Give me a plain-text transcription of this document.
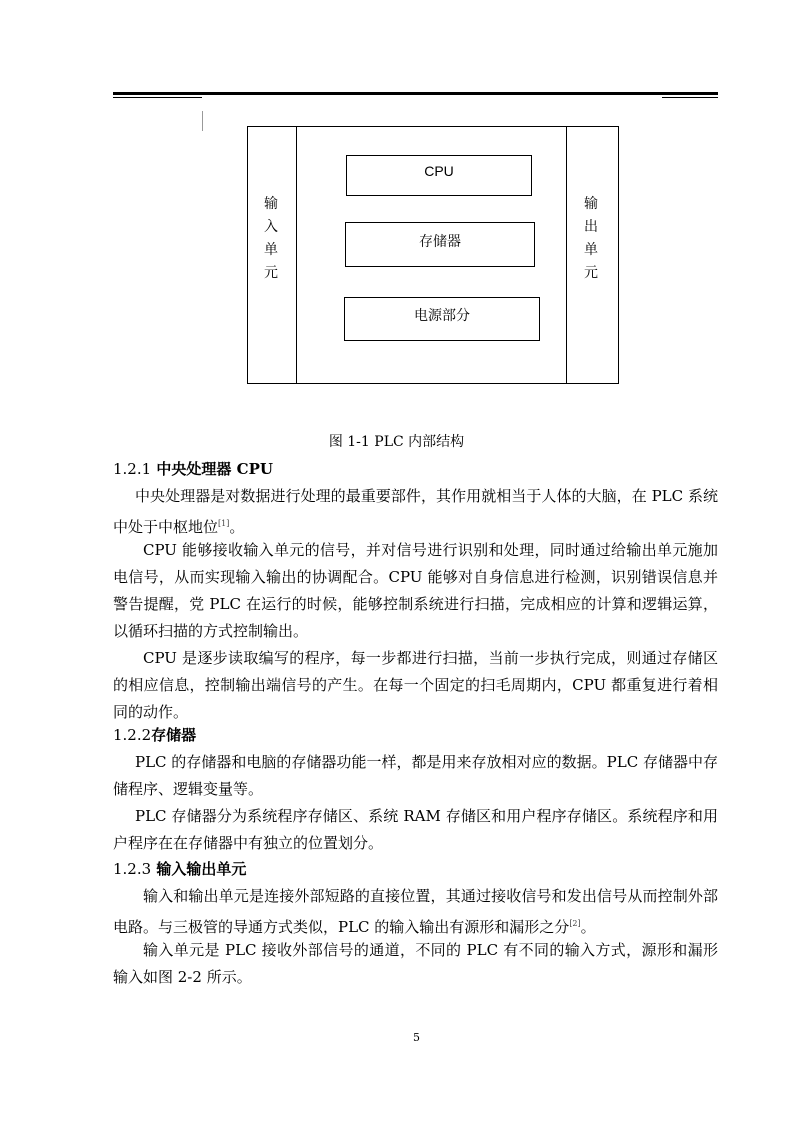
输入单元
输出单元
CPU
存储器
电源部分
图 1-1 PLC 内部结构
1.2.1 中央处理器 CPU
中央处理器是对数据进行处理的最重要部件，其作用就相当于人体的大脑，在 PLC 系统中处于中枢地位[1]。
CPU 能够接收输入单元的信号，并对信号进行识别和处理，同时通过给输出单元施加电信号，从而实现输入输出的协调配合。CPU 能够对自身信息进行检测，识别错误信息并警告提醒，党 PLC 在运行的时候，能够控制系统进行扫描，完成相应的计算和逻辑运算，以循环扫描的方式控制输出。
CPU 是逐步读取编写的程序，每一步都进行扫描，当前一步执行完成，则通过存储区的相应信息，控制输出端信号的产生。在每一个固定的扫毛周期内，CPU 都重复进行着相同的动作。
1.2.2存储器
PLC 的存储器和电脑的存储器功能一样，都是用来存放相对应的数据。PLC 存储器中存储程序、逻辑变量等。
PLC 存储器分为系统程序存储区、系统 RAM 存储区和用户程序存储区。系统程序和用户程序在在存储器中有独立的位置划分。
1.2.3 输入输出单元
输入和输出单元是连接外部短路的直接位置，其通过接收信号和发出信号从而控制外部电路。与三极管的导通方式类似，PLC 的输入输出有源形和漏形之分[2]。
输入单元是 PLC 接收外部信号的通道，不同的 PLC 有不同的输入方式，源形和漏形输入如图 2-2 所示。
5
